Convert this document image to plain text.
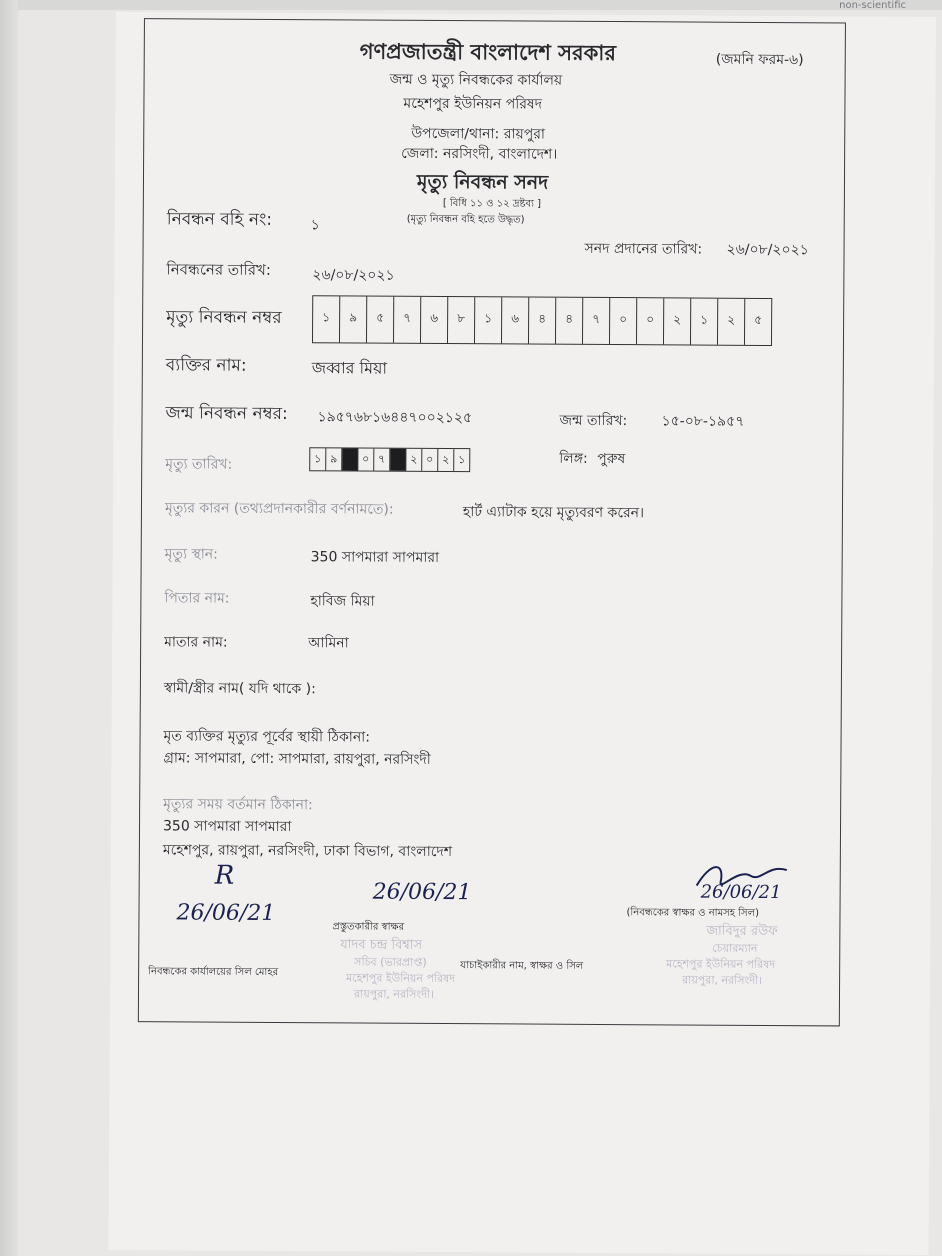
non-scientific
গণপ্রজাতন্ত্রী বাংলাদেশ সরকার	(জমনি ফরম-৬)
জন্ম ও মৃত্যু নিবন্ধকের কার্যালয়
মহেশপুর ইউনিয়ন পরিষদ
উপজেলা/থানা: রায়পুরা
জেলা: নরসিংদী, বাংলাদেশ।
মৃত্যু নিবন্ধন সনদ
[ বিধি ১১ ও ১২ দ্রষ্টব্য ]
(মৃত্যু নিবন্ধন বহি হতে উদ্ধৃত)
নিবন্ধন বহি নং:	১
সনদ প্রদানের তারিখ: ২৬/০৮/২০২১
নিবন্ধনের তারিখ:	২৬/০৮/২০২১
মৃত্যু নিবন্ধন নম্বর	১	৯	৫	৭	৬	৮	১	৬	৪	৪	৭	০	০	২	১	২	৫
ব্যক্তির নাম:	জব্বার মিয়া
জন্ম নিবন্ধন নম্বর: ১৯৫৭৬৮১৬৪৪৭০০২১২৫	জন্ম তারিখ: ১৫-০৮-১৯৫৭
মৃত্যু তারিখ:	১ ৯	০ ৭	২ ০ ২ ১	লিঙ্গ: পুরুষ
মৃত্যুর কারন (তথ্যপ্রদানকারীর বর্ণনামতে):	হার্ট এ্যাটাক হয়ে মৃত্যুবরণ করেন।
মৃত্যু স্থান:	350 সাপমারা সাপমারা
পিতার নাম:	হাবিজ মিয়া
মাতার নাম:	আমিনা
স্বামী/স্ত্রীর নাম( যদি থাকে ):
মৃত ব্যক্তির মৃত্যুর পূর্বের স্থায়ী ঠিকানা:
গ্রাম: সাপমারা, পো: সাপমারা, রায়পুরা, নরসিংদী
মৃত্যুর সময় বর্তমান ঠিকানা:
350 সাপমারা সাপমারা
মহেশপুর, রায়পুরা, নরসিংদী, ঢাকা বিভাগ, বাংলাদেশ
R
26/06/21
26/06/21
প্রস্তুতকারীর স্বাক্ষর
যাদব চন্দ্র বিশ্বাস
সচিব (ভারপ্রাপ্ত)
মহেশপুর ইউনিয়ন পরিষদ
রায়পুরা, নরসিংদী।
নিবন্ধকের কার্যালয়ের সিল মোহর
যাচাইকারীর নাম, স্বাক্ষর ও সিল
26/06/21
(নিবন্ধকের স্বাক্ষর ও নামসহ সিল)
জাবিদুর রউফ
চেয়ারম্যান
মহেশপুর ইউনিয়ন পরিষদ
রায়পুরা, নরসিংদী।
